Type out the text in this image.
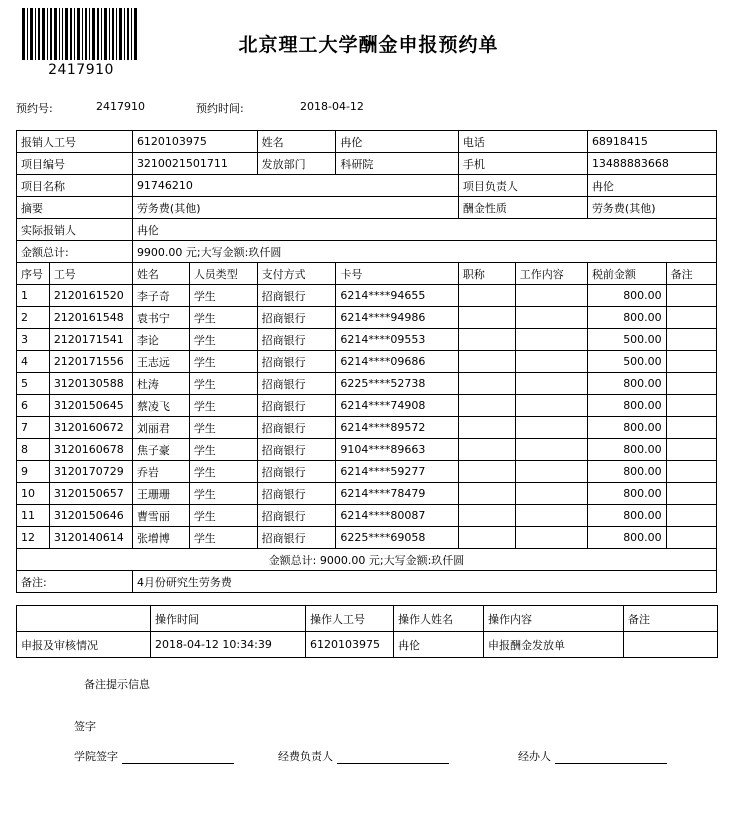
2417910
北京理工大学酬金申报预约单
预约号:	2417910	预约时间:	2018-04-12
报销人工号		6120103975		姓名	冉伦	电话		68918415	
项目编号		3210021501711		发放部门	科研院	手机		13488883668	
项目名称		91746210				项目负责人		冉伦	
摘要		劳务费(其他)				酬金性质		劳务费(其他)	
实际报销人		冉伦							
金额总计:		9900.00 元;大写金额:玖仟圆							
序号	工号	姓名	人员类型	支付方式	卡号	职称	工作内容	税前金额	备注
1	2120161520	李子奇	学生	招商银行	6214****94655			800.00	
2	2120161548	袁书宁	学生	招商银行	6214****94986			800.00	
3	2120171541	李论	学生	招商银行	6214****09553			500.00	
4	2120171556	王志远	学生	招商银行	6214****09686			500.00	
5	3120130588	杜涛	学生	招商银行	6225****52738			800.00	
6	3120150645	蔡凌飞	学生	招商银行	6214****74908			800.00	
7	3120160672	刘丽君	学生	招商银行	6214****89572			800.00	
8	3120160678	焦子豪	学生	招商银行	9104****89663			800.00	
9	3120170729	乔岩	学生	招商银行	6214****59277			800.00	
10	3120150657	王珊珊	学生	招商银行	6214****78479			800.00	
11	3120150646	曹雪丽	学生	招商银行	6214****80087			800.00	
12	3120140614	张增博	学生	招商银行	6225****69058			800.00	
金额总计: 9000.00 元;大写金额:玖仟圆									
备注:		4月份研究生劳务费							
	操作时间	操作人工号	操作人姓名	操作内容	备注
申报及审核情况	2018-04-12 10:34:39	6120103975	冉伦	申报酬金发放单	
备注提示信息
签字
学院签字	经费负责人	经办人
